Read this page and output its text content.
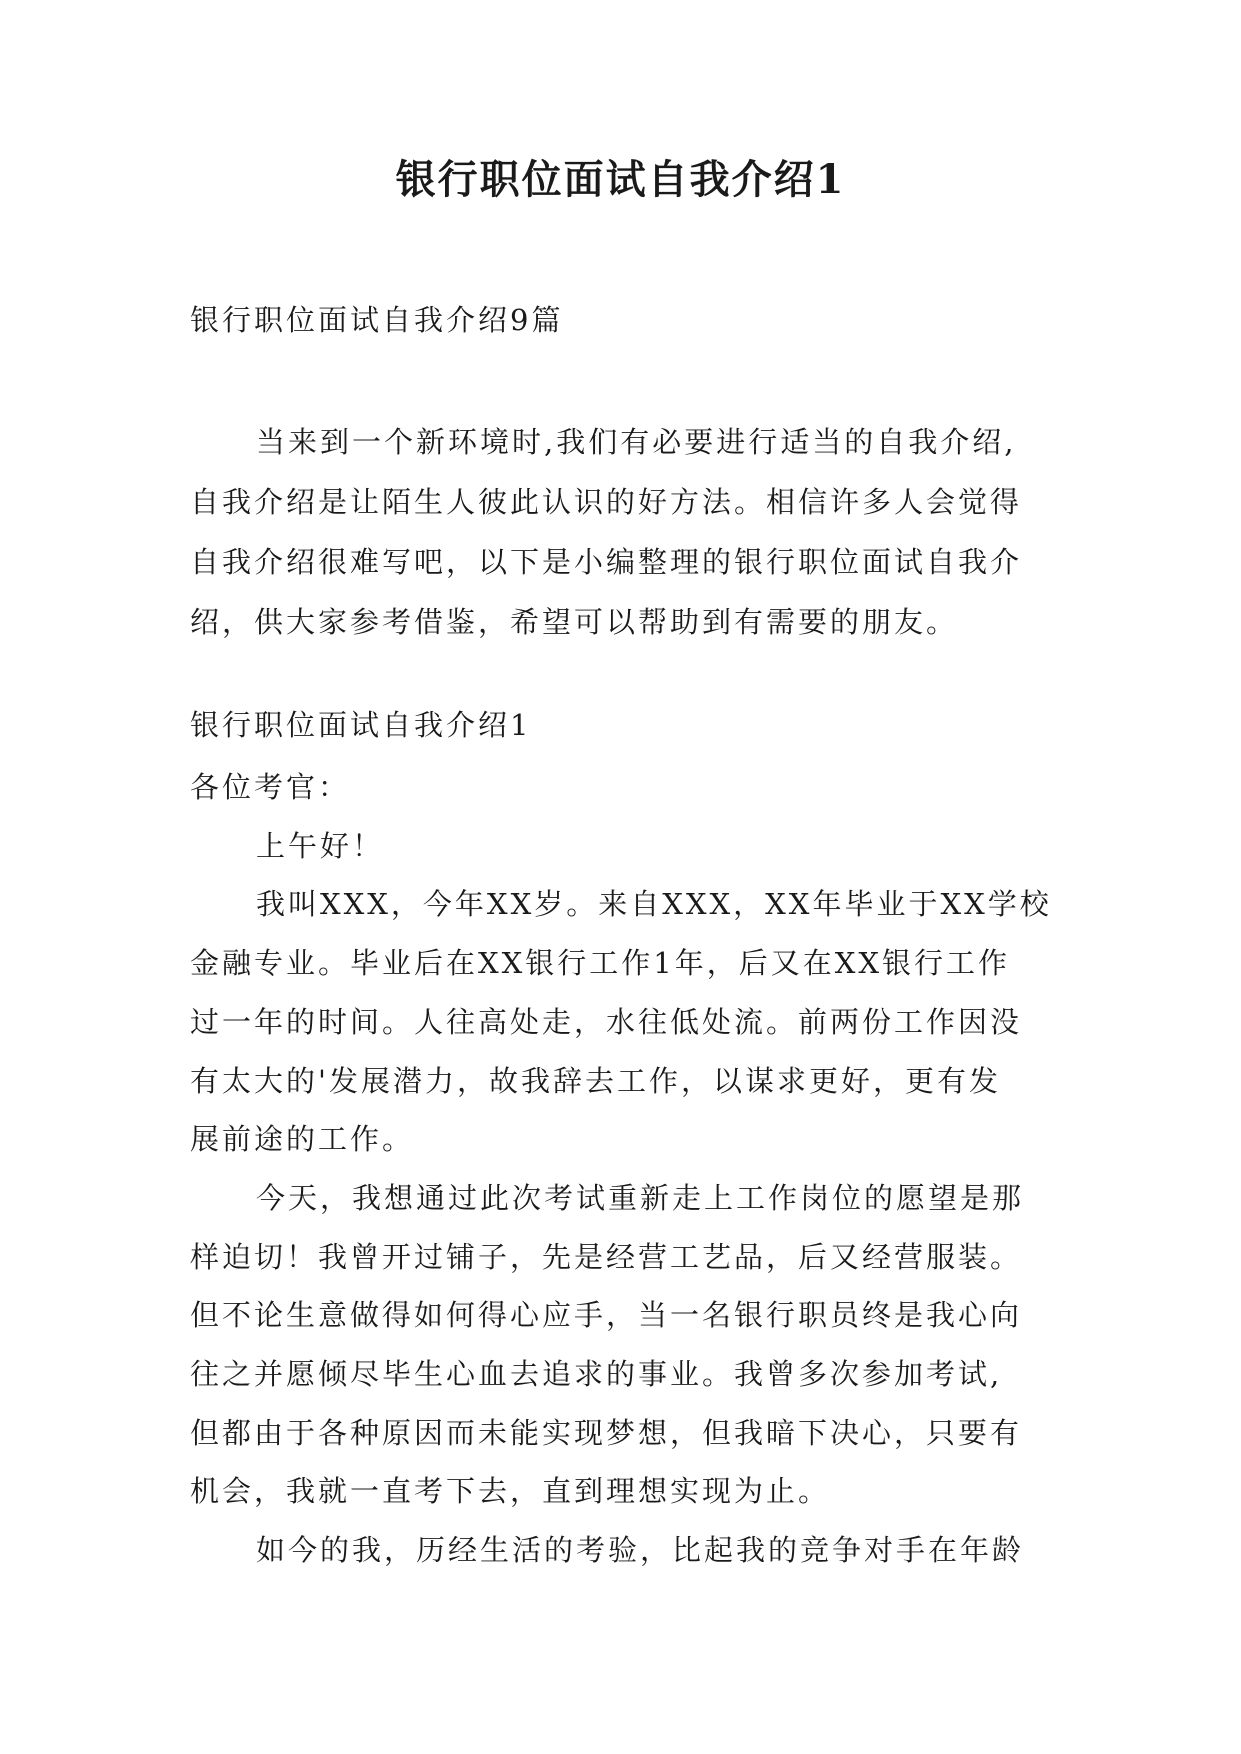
银行职位面试自我介绍1
银行职位面试自我介绍9篇
当来到一个新环境时,我们有必要进行适当的自我介绍,
自我介绍是让陌生人彼此认识的好方法。相信许多人会觉得
自我介绍很难写吧，以下是小编整理的银行职位面试自我介
绍，供大家参考借鉴，希望可以帮助到有需要的朋友。
银行职位面试自我介绍1
各位考官：
上午好！
我叫XXX，今年XX岁。来自XXX，XX年毕业于XX学校
金融专业。毕业后在XX银行工作1年，后又在XX银行工作
过一年的时间。人往高处走，水往低处流。前两份工作因没
有太大的'发展潜力，故我辞去工作，以谋求更好，更有发
展前途的工作。
今天，我想通过此次考试重新走上工作岗位的愿望是那
样迫切！我曾开过铺子，先是经营工艺品，后又经营服装。
但不论生意做得如何得心应手，当一名银行职员终是我心向
往之并愿倾尽毕生心血去追求的事业。我曾多次参加考试,
但都由于各种原因而未能实现梦想，但我暗下决心，只要有
机会，我就一直考下去，直到理想实现为止。
如今的我，历经生活的考验，比起我的竞争对手在年龄
